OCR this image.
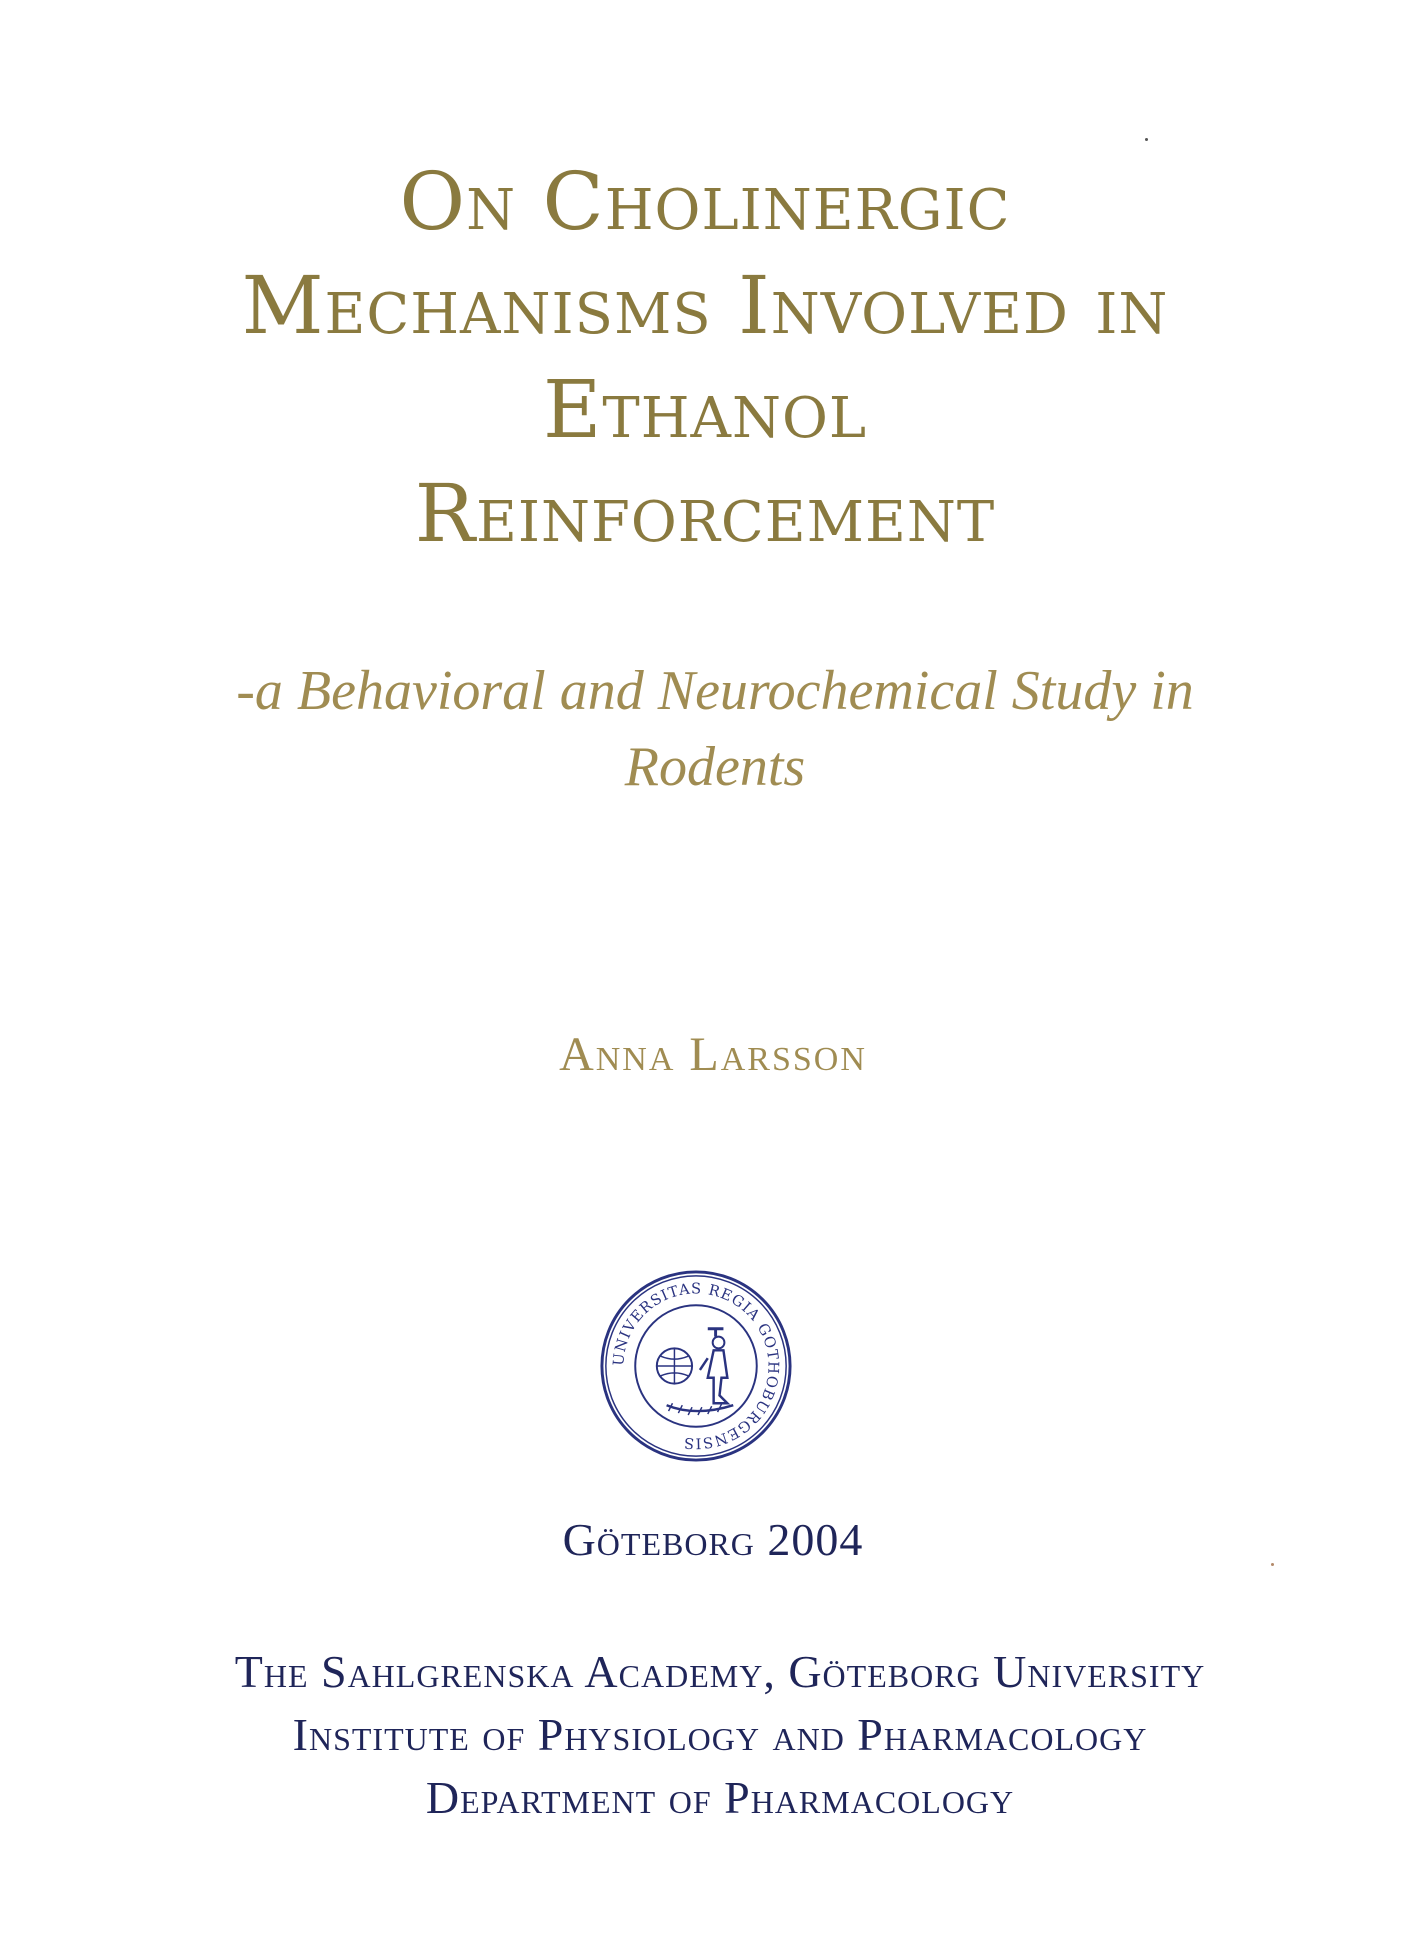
On Cholinergic
Mechanisms Involved in
Ethanol
Reinforcement
-a Behavioral and Neurochemical Study in
Rodents
Anna Larsson
UNIVERSITAS REGIA GOTHOBURGENSIS
Göteborg 2004
The Sahlgrenska Academy, Göteborg University
Institute of Physiology and Pharmacology
Department of Pharmacology
